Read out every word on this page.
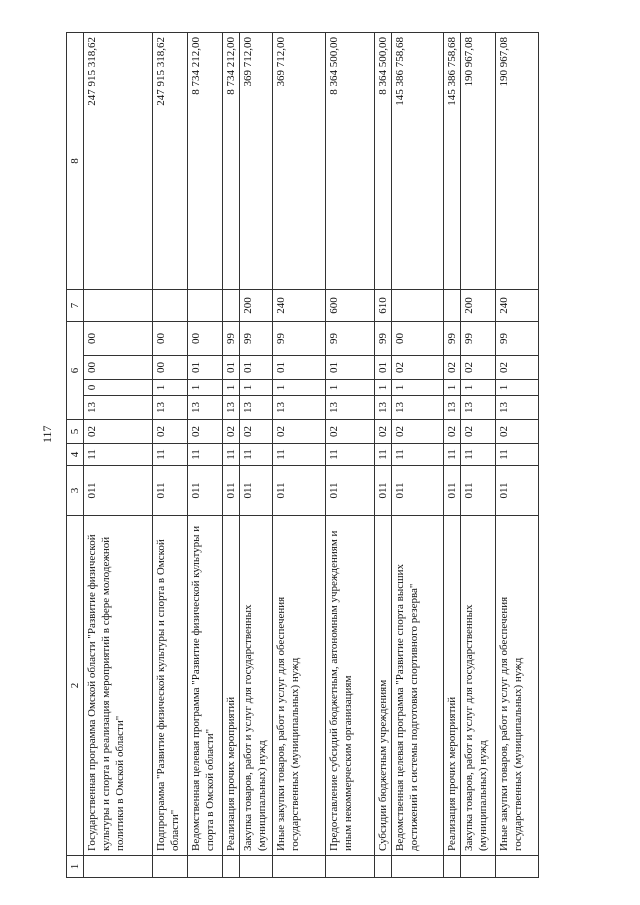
117
1	2	3	4	5	6				7	8
	Государственная программа Омской области "Развитие физической культуры и спорта и реализация мероприятий в сфере молодежной политики в Омской области"	011	11	02	13	0	00	00		247 915 318,62
	Подпрограмма "Развитие физической культуры и спорта в Омской области"	011	11	02	13	1	00	00		247 915 318,62
	Ведомственная целевая программа "Развитие физической культуры и спорта в Омской области"	011	11	02	13	1	01	00		8 734 212,00
	Реализация прочих мероприятий	011	11	02	13	1	01	99		8 734 212,00
	Закупка товаров, работ и услуг для государственных (муниципальных) нужд	011	11	02	13	1	01	99	200	369 712,00
	Иные закупки товаров, работ и услуг для обеспечения государственных (муниципальных) нужд	011	11	02	13	1	01	99	240	369 712,00
	Предоставление субсидий бюджетным, автономным учреждениям и иным некоммерческим организациям	011	11	02	13	1	01	99	600	8 364 500,00
	Субсидии бюджетным учреждениям	011	11	02	13	1	01	99	610	8 364 500,00
	Ведомственная целевая программа "Развитие спорта высших достижений и системы подготовки спортивного резерва"	011	11	02	13	1	02	00		145 386 758,68
	Реализация прочих мероприятий	011	11	02	13	1	02	99		145 386 758,68
	Закупка товаров, работ и услуг для государственных (муниципальных) нужд	011	11	02	13	1	02	99	200	190 967,08
	Иные закупки товаров, работ и услуг для обеспечения государственных (муниципальных) нужд	011	11	02	13	1	02	99	240	190 967,08
